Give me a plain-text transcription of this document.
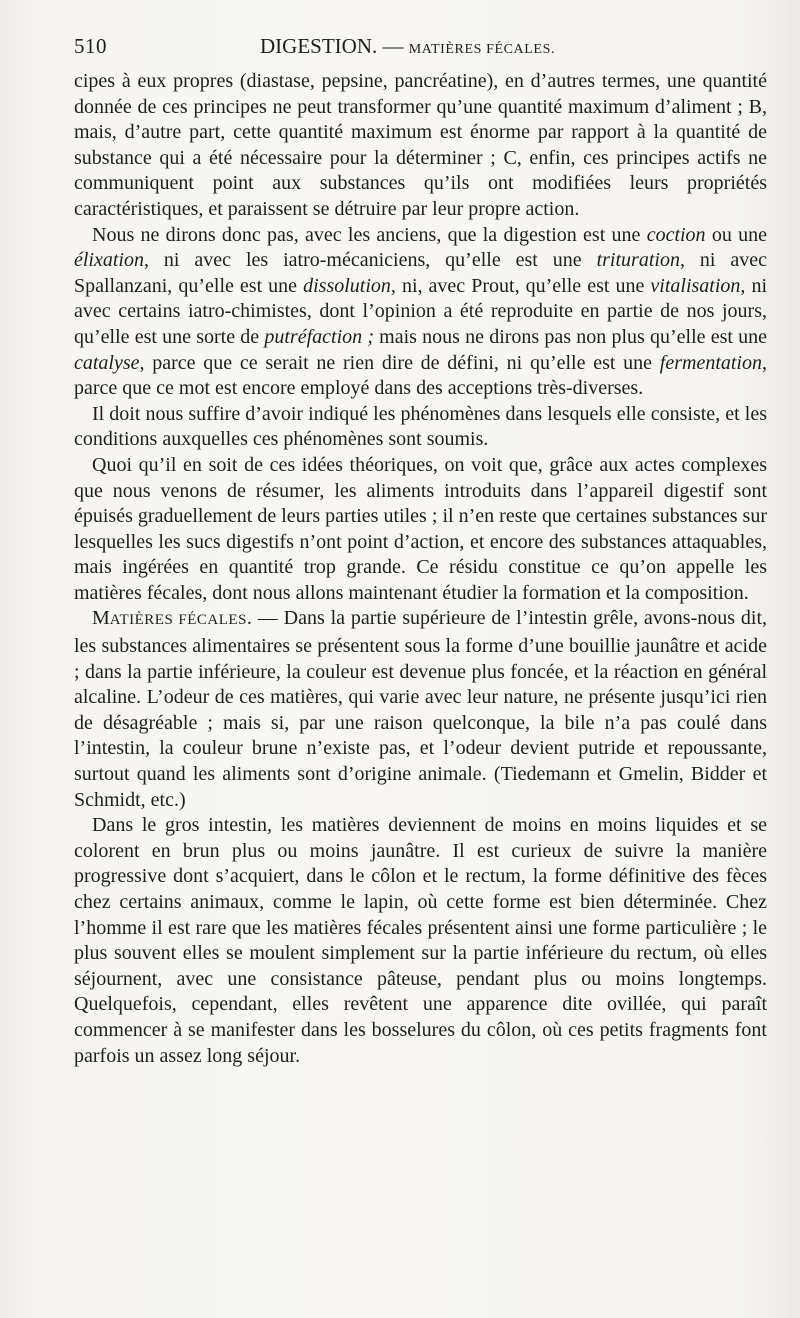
510	DIGESTION. — MATIÈRES FÉCALES.

cipes à eux propres (diastase, pepsine, pancréatine), en d’autres termes, une quantité donnée de ces principes ne peut transformer qu’une quantité maximum d’aliment ; B, mais, d’autre part, cette quantité maximum est énorme par rapport à la quantité de substance qui a été nécessaire pour la déterminer ; C, enfin, ces principes actifs ne communiquent point aux substances qu’ils ont modifiées leurs propriétés caractéristiques, et paraissent se détruire par leur propre action.

Nous ne dirons donc pas, avec les anciens, que la digestion est une coction ou une élixation, ni avec les iatro-mécaniciens, qu’elle est une trituration, ni avec Spallanzani, qu’elle est une dissolution, ni, avec Prout, qu’elle est une vitalisation, ni avec certains iatro-chimistes, dont l’opinion a été reproduite en partie de nos jours, qu’elle est une sorte de putréfaction ; mais nous ne dirons pas non plus qu’elle est une catalyse, parce que ce serait ne rien dire de défini, ni qu’elle est une fermentation, parce que ce mot est encore employé dans des acceptions très-diverses.

Il doit nous suffire d’avoir indiqué les phénomènes dans lesquels elle consiste, et les conditions auxquelles ces phénomènes sont soumis.

Quoi qu’il en soit de ces idées théoriques, on voit que, grâce aux actes complexes que nous venons de résumer, les aliments introduits dans l’appareil digestif sont épuisés graduellement de leurs parties utiles ; il n’en reste que certaines substances sur lesquelles les sucs digestifs n’ont point d’action, et encore des substances attaquables, mais ingérées en quantité trop grande. Ce résidu constitue ce qu’on appelle les matières fécales, dont nous allons maintenant étudier la formation et la composition.

MATIÈRES FÉCALES. — Dans la partie supérieure de l’intestin grêle, avons-nous dit, les substances alimentaires se présentent sous la forme d’une bouillie jaunâtre et acide ; dans la partie inférieure, la couleur est devenue plus foncée, et la réaction en général alcaline. L’odeur de ces matières, qui varie avec leur nature, ne présente jusqu’ici rien de désagréable ; mais si, par une raison quelconque, la bile n’a pas coulé dans l’intestin, la couleur brune n’existe pas, et l’odeur devient putride et repoussante, surtout quand les aliments sont d’origine animale. (Tiedemann et Gmelin, Bidder et Schmidt, etc.)

Dans le gros intestin, les matières deviennent de moins en moins liquides et se colorent en brun plus ou moins jaunâtre. Il est curieux de suivre la manière progressive dont s’acquiert, dans le côlon et le rectum, la forme définitive des fèces chez certains animaux, comme le lapin, où cette forme est bien déterminée. Chez l’homme il est rare que les matières fécales présentent ainsi une forme particulière ; le plus souvent elles se moulent simplement sur la partie inférieure du rectum, où elles séjournent, avec une consistance pâteuse, pendant plus ou moins longtemps. Quelquefois, cependant, elles revêtent une apparence dite ovillée, qui paraît commencer à se manifester dans les bosselures du côlon, où ces petits fragments font parfois un assez long séjour.
